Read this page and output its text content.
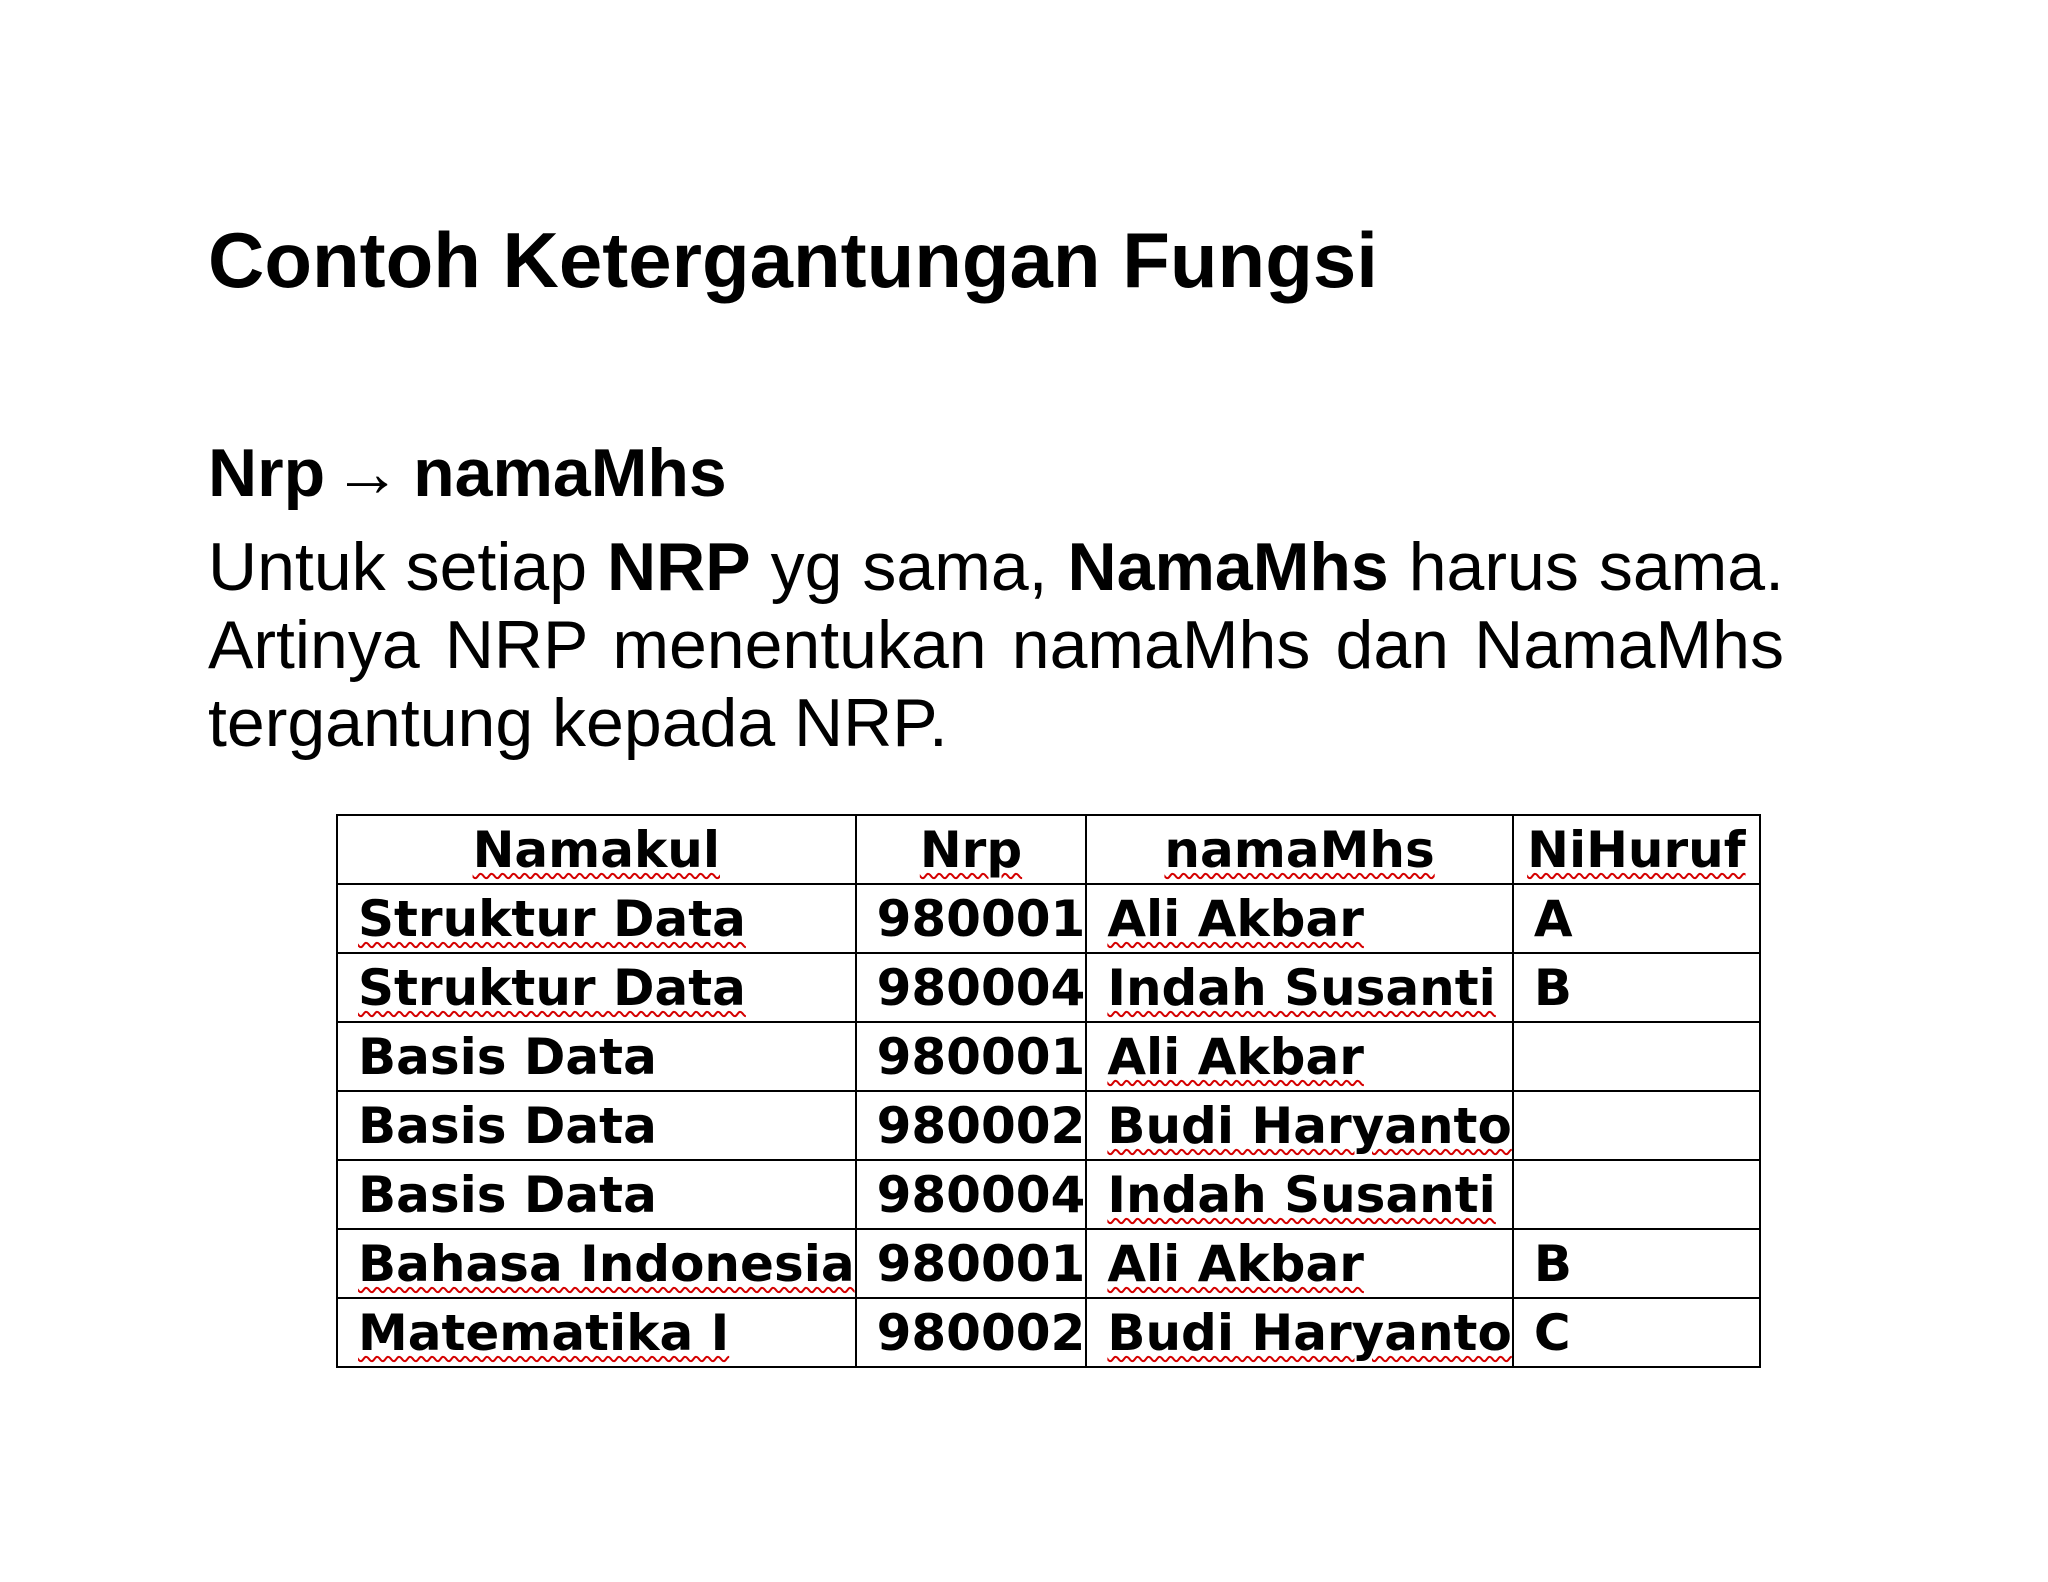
Contoh Ketergantungan Fungsi
Nrp → namaMhs

Untuk setiap NRP yg sama, NamaMhs harus sama. Artinya NRP menentukan namaMhs dan NamaMhs tergantung kepada NRP.

Namakul	Nrp	namaMhs	NiHuruf
Struktur Data	980001	Ali Akbar	A
Struktur Data	980004	Indah Susanti	B
Basis Data	980001	Ali Akbar	
Basis Data	980002	Budi Haryanto	
Basis Data	980004	Indah Susanti	
Bahasa Indonesia	980001	Ali Akbar	B
Matematika I	980002	Budi Haryanto	C
